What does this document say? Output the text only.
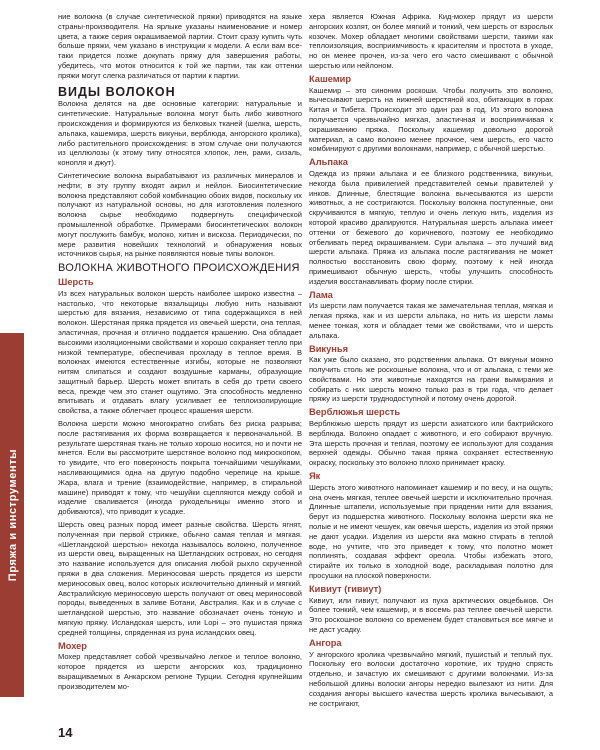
Пряжа и инструменты

ние волокна (в случае синтетической пряжи) приводятся на языке страны-производителя. На ярлыке указаны наименование и номер цвета, а также серия окрашиваемой партии. Стоит сразу купить чуть больше пряжи, чем указано в инструкции к модели. А если вам все-таки придется позже докупать пряжу для завершения работы, убедитесь, что моток относится к той же партии, так как оттенки пряжи могут слегка различаться от партии к партии.

ВИДЫ ВОЛОКОН

Волокна делятся на две основные категории: натуральные и синтетические. Натуральные волокна могут быть либо животного происхождения и формируются из белковых тканей (шелка, шерсть, альпака, кашемира, шерсть викуньи, верблюда, ангорского кролика), либо растительного происхождения: в этом случае они получаются из целлюлозы (к этому типу относятся хлопок, лен, рами, сизаль, конопля и джут).

Синтетические волокна вырабатывают из различных минералов и нефти; в эту группу входят акрил и нейлон. Биосинтетические волокна представляют собой комбинацию обоих видов, поскольку их получают из натуральной основы, но для изготовления полезного волокна сырье необходимо подвергнуть специфической промышленной обработке. Примерами биосинтетических волокон могут послужить бамбук, молоко, хитин и вискоза. Периодически, по мере развития новейших технологий и обнаружения новых источников сырья, на рынке появляются новые типы волокон.

ВОЛОКНА ЖИВОТНОГО ПРОИСХОЖДЕНИЯ
Шерсть

Из всех натуральных волокон шерсть наиболее широко известна – настолько, что некоторые вязальщицы любую нить называют шерстью для вязания, независимо от типа содержащихся в ней волокон. Шерстяная пряжа прядется из овечьей шерсти, она теплая, эластичная, прочная и отлично поддается крашению. Она обладает высокими изоляционными свойствами и хорошо сохраняет тепло при низкой температуре, обеспечивая прохладу в теплое время. В волокнах имеются естественные изгибы, которые не позволяют нитям слипаться и создают воздушные карманы, образующие защитный барьер. Шерсть может впитать в себя до трети своего веса, прежде чем это станет ощутимо. Эта способность медленно впитывать и отдавать влагу усиливает ее теплоизолирующие свойства, а также облегчает процесс крашения шерсти.

Волокна шерсти можно многократно сгибать без риска разрыва; после растягивания их форма возвращается к первоначальной. В результате шерстяная ткань не только хорошо носится, но и почти не мнется. Если вы рассмотрите шерстяное волокно под микроскопом, то увидите, что его поверхность покрыта тончайшими чешуйками, насливающимися одна на другую подобно черепице на крыше. Жара, влага и трение (взаимодействие, например, в стиральной машине) приводят к тому, что чешуйки сцепляются между собой и изделие сваливается (иногда рукодельницы именно этого и добиваются), что приводит к усадке.

Шерсть овец разных пород имеет разные свойства. Шерсть ягнят, полученная при первой стрижке, обычно самая теплая и мягкая. «Шетландской шерстью» некогда называлось волокно, полученное из шерсти овец, выращенных на Шетландских островах, но сегодня это название используется для описания любой рыхло скрученной пряжи в два сложения. Мериносовая шерсть прядется из шерсти мериносовых овец, волос которых исключительно длинный и мягкий. Австралийскую мериносовую шерсть получают от овец мериносовой породы, выведенных в заливе Ботани, Австралия. Как и в случае с шетландской шерстью, это название обозначает очень тонкую и мягкую пряжу. Исландская шерсть, или Lopi – это пушистая пряжа средней толщины, спряденная из руна исландских овец.

Мохер

Мохер представляет собой чрезвычайно легкое и теплое волокно, которое прядется из шерсти ангорских коз, традиционно выращиваемых в Анкарском регионе Турции. Сегодня крупнейшим производителем мо-

хера является Южная Африка. Кид-мохер прядут из шерсти ангорских козлят, он более мягкий и тонкий, чем шерсть от взрослых козочек. Мохер обладает многими свойствами шерсти, такими как теплоизоляция, восприимчивость к красителям и простота в уходе, но он менее прочен, из-за чего его часто смешивают с обычной шерстью или нейлоном.

Кашемир

Кашемир – это синоним роскоши. Чтобы получить это волокно, вычесывают шерсть на нижней шерстяной коз, обитающих в горах Китая и Тибета. Происходит это один раз в год. Из этого волокна получается чрезвычайно мягкая, эластичная и восприимчивая к окрашиванию пряжа. Поскольку кашемир довольно дорогой материал, а само волокно менее прочное, чем шерсть, его часто комбинируют с другими волокнами, например, с обычной шерстью.

Альпака

Одежда из пряжи альпака и ее близкого родственника, викуньи, некогда была привилегией представителей семьи правителей у инков. Длинные, блестящие волокна вычесываются из шерсти животных, а не состригаются. Поскольку волокна поступенные, они скручиваются в мягкую, теплую и очень легкую нить, изделия из которой красиво драпируются. Натуральная шерсть альпака имеет оттенки от бежевого до коричневого, поэтому ее необходимо отбеливать перед окрашиванием. Сури альпака – это лучший вид шерсти альпака. Пряжа из альпака после растягивания не может полностью восстановить свою форму, поэтому к ней иногда примешивают обычную шерсть, чтобы улучшить способность изделия восстанавливать форму после стирки.

Лама

Из шерсти лам получается такая же замечательная теплая, мягкая и легкая пряжа, как и из шерсти альпака, но нить из шерсти ламы менее тонкая, хотя и обладает теми же свойствами, что и шерсть альпака.

Викунья

Как уже было сказано, это родственник альпака. От викуньи можно получить столь же роскошные волокна, что и от альпака, с теми же свойствами. Но эти животные находятся на грани вымирания и собирать с них шерсть можно только раз в три года, что делает пряжу из шерсти труднодоступной и потому очень дорогой.

Верблюжья шерсть

Верблюжью шерсть прядут из шерсти азиатского или бактрийского верблюда. Волокно опадает с животного, и его собирают вручную. Эта шерсть прочная и теплая, поэтому ее используют для создания верхней одежды. Обычно такая пряжа сохраняет естественную окраску, поскольку это волокно плохо принимает краску.

Як

Шерсть этого животного напоминает кашемир и по весу, и на ощупь; она очень мягкая, теплее овечьей шерсти и исключительно прочная. Длинные штапели, используемые при прядении нити для вязания, берут из подшерстка животного. Поскольку волокна шерсти яка не полые и не имеют чешуек, как овечья шерсть, изделия из этой пряжи не дают усадки. Изделия из шерсти яка можно стирать в теплой воде, но учтите, что это приведет к тому, что полотно может поплинять, создавая эффект ореола. Чтобы избежать этого, стирайте их только в холодной воде, раскладывая полотно для просушки на плоской поверхности.

Кивиут (гивиут)

Кивиут, или гивиут, получают из пуха арктических овцебыков. Он более тонкий, чем кашемир, и в восемь раз теплее овечьей шерсти. Это роскошное волокно со временем будет становиться все мягче и не даст усадку.

Ангора

У ангорского кролика чрезвычайно мягкий, пушистый и теплый пух. Поскольку его волоски достаточно короткие, их трудно спрясть отдельно, и зачастую их смешивают с другими волокнами. Из-за небольшой длины волоски ангоры нередко вылезают из нити. Для создания ангоры высшего качества шерсть кролика вычесывают, а не состригают,

14
